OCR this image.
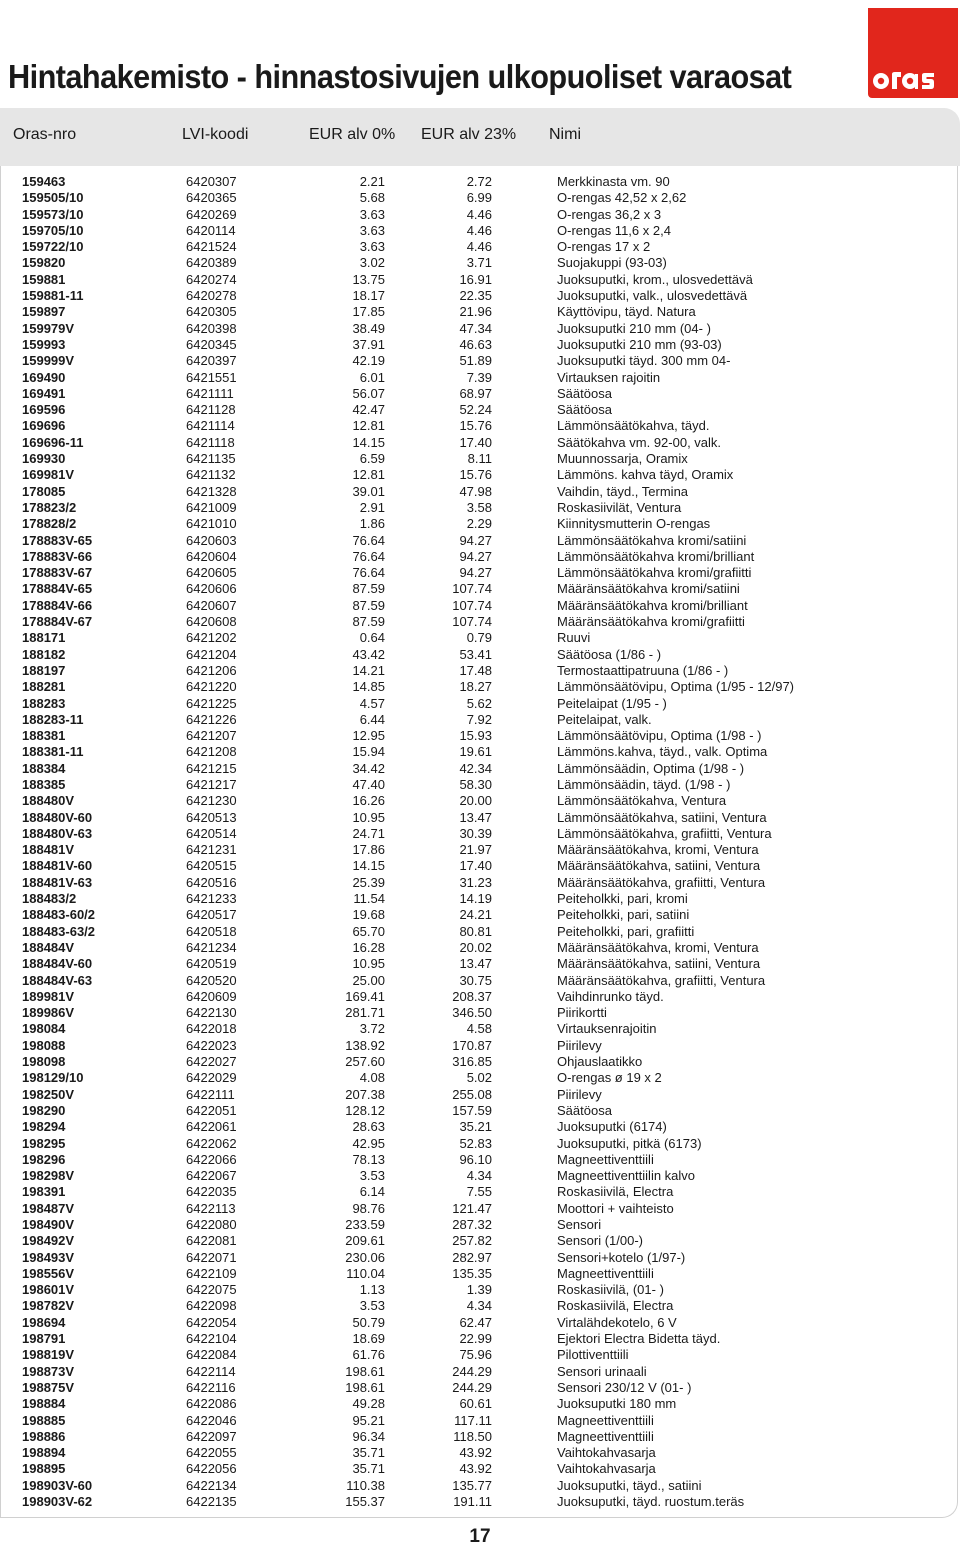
Hintahakemisto - hinnastosivujen ulkopuoliset varaosat
Oras-nro	LVI-koodi	EUR alv 0% EUR alv 23% Nimi
159463	6420307	2.21	2.72	Merkkinasta vm. 90
159505/10	6420365	5.68	6.99	O-rengas 42,52 x 2,62
159573/10	6420269	3.63	4.46	O-rengas 36,2 x 3
159705/10	6420114	3.63	4.46	O-rengas 11,6 x 2,4
159722/10	6421524	3.63	4.46	O-rengas 17 x 2
159820	6420389	3.02	3.71	Suojakuppi (93-03)
159881	6420274	13.75	16.91	Juoksuputki, krom., ulosvedettävä
159881-11	6420278	18.17	22.35	Juoksuputki, valk., ulosvedettävä
159897	6420305	17.85	21.96	Käyttövipu, täyd. Natura
159979V	6420398	38.49	47.34	Juoksuputki 210 mm (04- )
159993	6420345	37.91	46.63	Juoksuputki 210 mm (93-03)
159999V	6420397	42.19	51.89	Juoksuputki täyd. 300 mm 04-
169490	6421551	6.01	7.39	Virtauksen rajoitin
169491	6421111	56.07	68.97	Säätöosa
169596	6421128	42.47	52.24	Säätöosa
169696	6421114	12.81	15.76	Lämmönsäätökahva, täyd.
169696-11	6421118	14.15	17.40	Säätökahva vm. 92-00, valk.
169930	6421135	6.59	8.11	Muunnossarja, Oramix
169981V	6421132	12.81	15.76	Lämmöns. kahva täyd, Oramix
178085	6421328	39.01	47.98	Vaihdin, täyd., Termina
178823/2	6421009	2.91	3.58	Roskasiivilät, Ventura
178828/2	6421010	1.86	2.29	Kiinnitysmutterin O-rengas
178883V-65	6420603	76.64	94.27	Lämmönsäätökahva kromi/satiini
178883V-66	6420604	76.64	94.27	Lämmönsäätökahva kromi/brilliant
178883V-67	6420605	76.64	94.27	Lämmönsäätökahva kromi/grafiitti
178884V-65	6420606	87.59	107.74	Määränsäätökahva kromi/satiini
178884V-66	6420607	87.59	107.74	Määränsäätökahva kromi/brilliant
178884V-67	6420608	87.59	107.74	Määränsäätökahva kromi/grafiitti
188171	6421202	0.64	0.79	Ruuvi
188182	6421204	43.42	53.41	Säätöosa (1/86 - )
188197	6421206	14.21	17.48	Termostaattipatruuna (1/86 - )
188281	6421220	14.85	18.27	Lämmönsäätövipu, Optima (1/95 - 12/97)
188283	6421225	4.57	5.62	Peitelaipat (1/95 - )
188283-11	6421226	6.44	7.92	Peitelaipat, valk.
188381	6421207	12.95	15.93	Lämmönsäätövipu, Optima (1/98 - )
188381-11	6421208	15.94	19.61	Lämmöns.kahva, täyd., valk. Optima
188384	6421215	34.42	42.34	Lämmönsäädin, Optima (1/98 - )
188385	6421217	47.40	58.30	Lämmönsäädin, täyd. (1/98 - )
188480V	6421230	16.26	20.00	Lämmönsäätökahva, Ventura
188480V-60	6420513	10.95	13.47	Lämmönsäätökahva, satiini, Ventura
188480V-63	6420514	24.71	30.39	Lämmönsäätökahva, grafiitti, Ventura
188481V	6421231	17.86	21.97	Määränsäätökahva, kromi, Ventura
188481V-60	6420515	14.15	17.40	Määränsäätökahva, satiini, Ventura
188481V-63	6420516	25.39	31.23	Määränsäätökahva, grafiitti, Ventura
188483/2	6421233	11.54	14.19	Peiteholkki, pari, kromi
188483-60/2	6420517	19.68	24.21	Peiteholkki, pari, satiini
188483-63/2	6420518	65.70	80.81	Peiteholkki, pari, grafiitti
188484V	6421234	16.28	20.02	Määränsäätökahva, kromi, Ventura
188484V-60	6420519	10.95	13.47	Määränsäätökahva, satiini, Ventura
188484V-63	6420520	25.00	30.75	Määränsäätökahva, grafiitti, Ventura
189981V	6420609	169.41	208.37	Vaihdinrunko täyd.
189986V	6422130	281.71	346.50	Piirikortti
198084	6422018	3.72	4.58	Virtauksenrajoitin
198088	6422023	138.92	170.87	Piirilevy
198098	6422027	257.60	316.85	Ohjauslaatikko
198129/10	6422029	4.08	5.02	O-rengas ø 19 x 2
198250V	6422111	207.38	255.08	Piirilevy
198290	6422051	128.12	157.59	Säätöosa
198294	6422061	28.63	35.21	Juoksuputki (6174)
198295	6422062	42.95	52.83	Juoksuputki, pitkä (6173)
198296	6422066	78.13	96.10	Magneettiventtiili
198298V	6422067	3.53	4.34	Magneettiventtiilin kalvo
198391	6422035	6.14	7.55	Roskasiivilä, Electra
198487V	6422113	98.76	121.47	Moottori + vaihteisto
198490V	6422080	233.59	287.32	Sensori
198492V	6422081	209.61	257.82	Sensori (1/00-)
198493V	6422071	230.06	282.97	Sensori+kotelo (1/97-)
198556V	6422109	110.04	135.35	Magneettiventtiili
198601V	6422075	1.13	1.39	Roskasiivilä, (01- )
198782V	6422098	3.53	4.34	Roskasiivilä, Electra
198694	6422054	50.79	62.47	Virtalähdekotelo, 6 V
198791	6422104	18.69	22.99	Ejektori Electra Bidetta täyd.
198819V	6422084	61.76	75.96	Pilottiventtiili
198873V	6422114	198.61	244.29	Sensori urinaali
198875V	6422116	198.61	244.29	Sensori 230/12 V (01- )
198884	6422086	49.28	60.61	Juoksuputki 180 mm
198885	6422046	95.21	117.11	Magneettiventtiili
198886	6422097	96.34	118.50	Magneettiventtiili
198894	6422055	35.71	43.92	Vaihtokahvasarja
198895	6422056	35.71	43.92	Vaihtokahvasarja
198903V-60	6422134	110.38	135.77	Juoksuputki, täyd., satiini
198903V-62	6422135	155.37	191.11	Juoksuputki, täyd. ruostum.teräs
17
